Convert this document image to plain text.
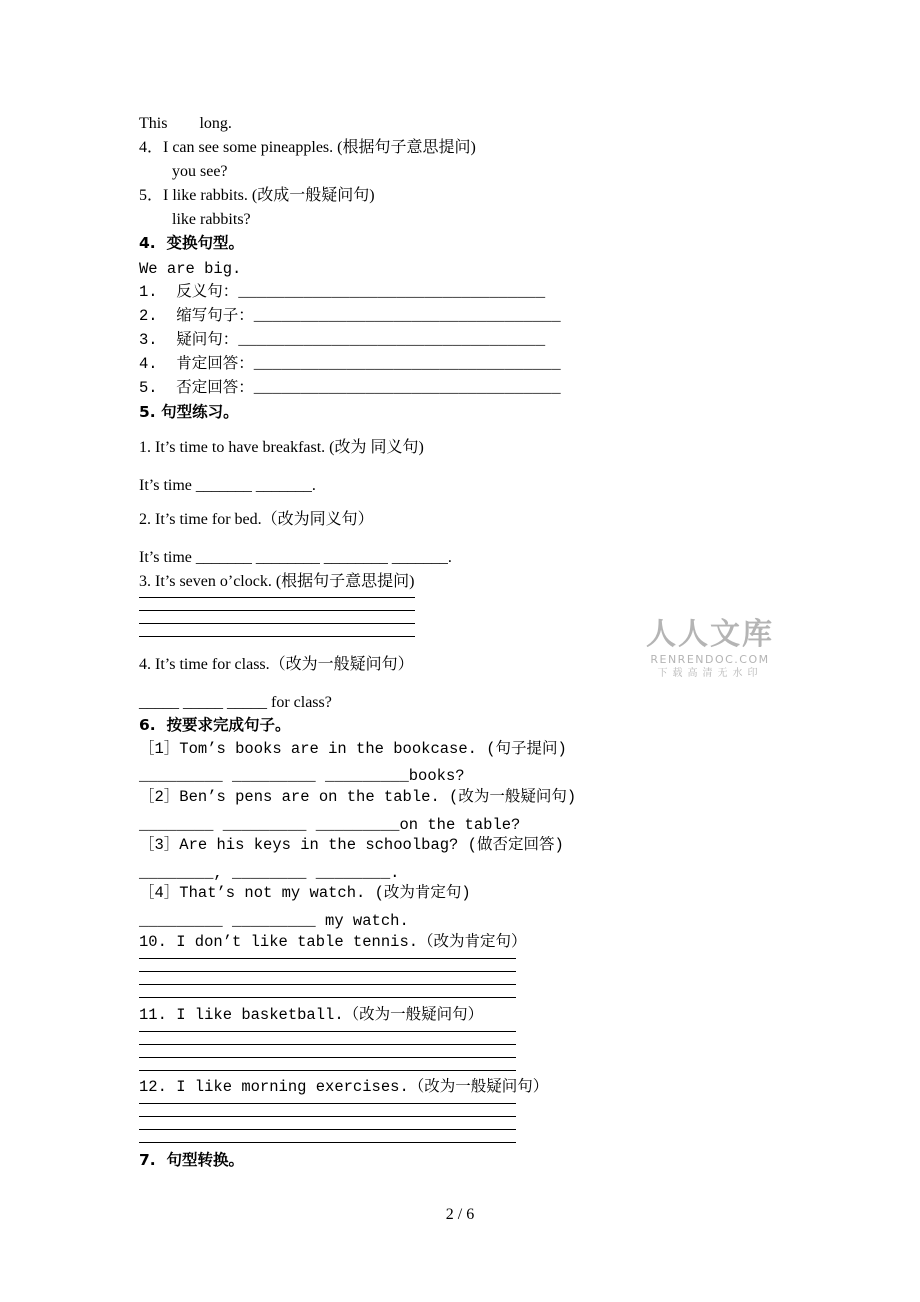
This        long.
4．I can see some pineapples. (根据句子意思提问)
you see?
5．I like rabbits. (改成一般疑问句)
like rabbits?
4.  变换句型。
We are big.
1.  反义句：_________________________________
2.  缩写句子：_________________________________
3.  疑问句：_________________________________
4.  肯定回答：_________________________________
5.  否定回答：_________________________________
5. 句型练习。
1. It’s time to have breakfast. (改为 同义句)
It’s time _______ _______.
2. It’s time for bed.（改为同义句）
It’s time _______ ________ ________ _______.
3. It’s seven o’clock. (根据句子意思提问)
4. It’s time for class.（改为一般疑问句）
_____ _____ _____ for class?
6.  按要求完成句子。
［1］Tom’s books are in the bookcase. (句子提问)
_________ _________ _________books?
［2］Ben’s pens are on the table. (改为一般疑问句)
________ _________ _________on the table?
［3］Are his keys in the schoolbag? (做否定回答)
________, ________ ________.
［4］That’s not my watch. (改为肯定句)
_________ _________ my watch.
10. I don’t like table tennis.（改为肯定句）
11. I like basketball.（改为一般疑问句）
12. I like morning exercises.（改为一般疑问句）
7.  句型转换。
人人文库
RENRENDOC.COM
下载高清无水印
2 / 6
